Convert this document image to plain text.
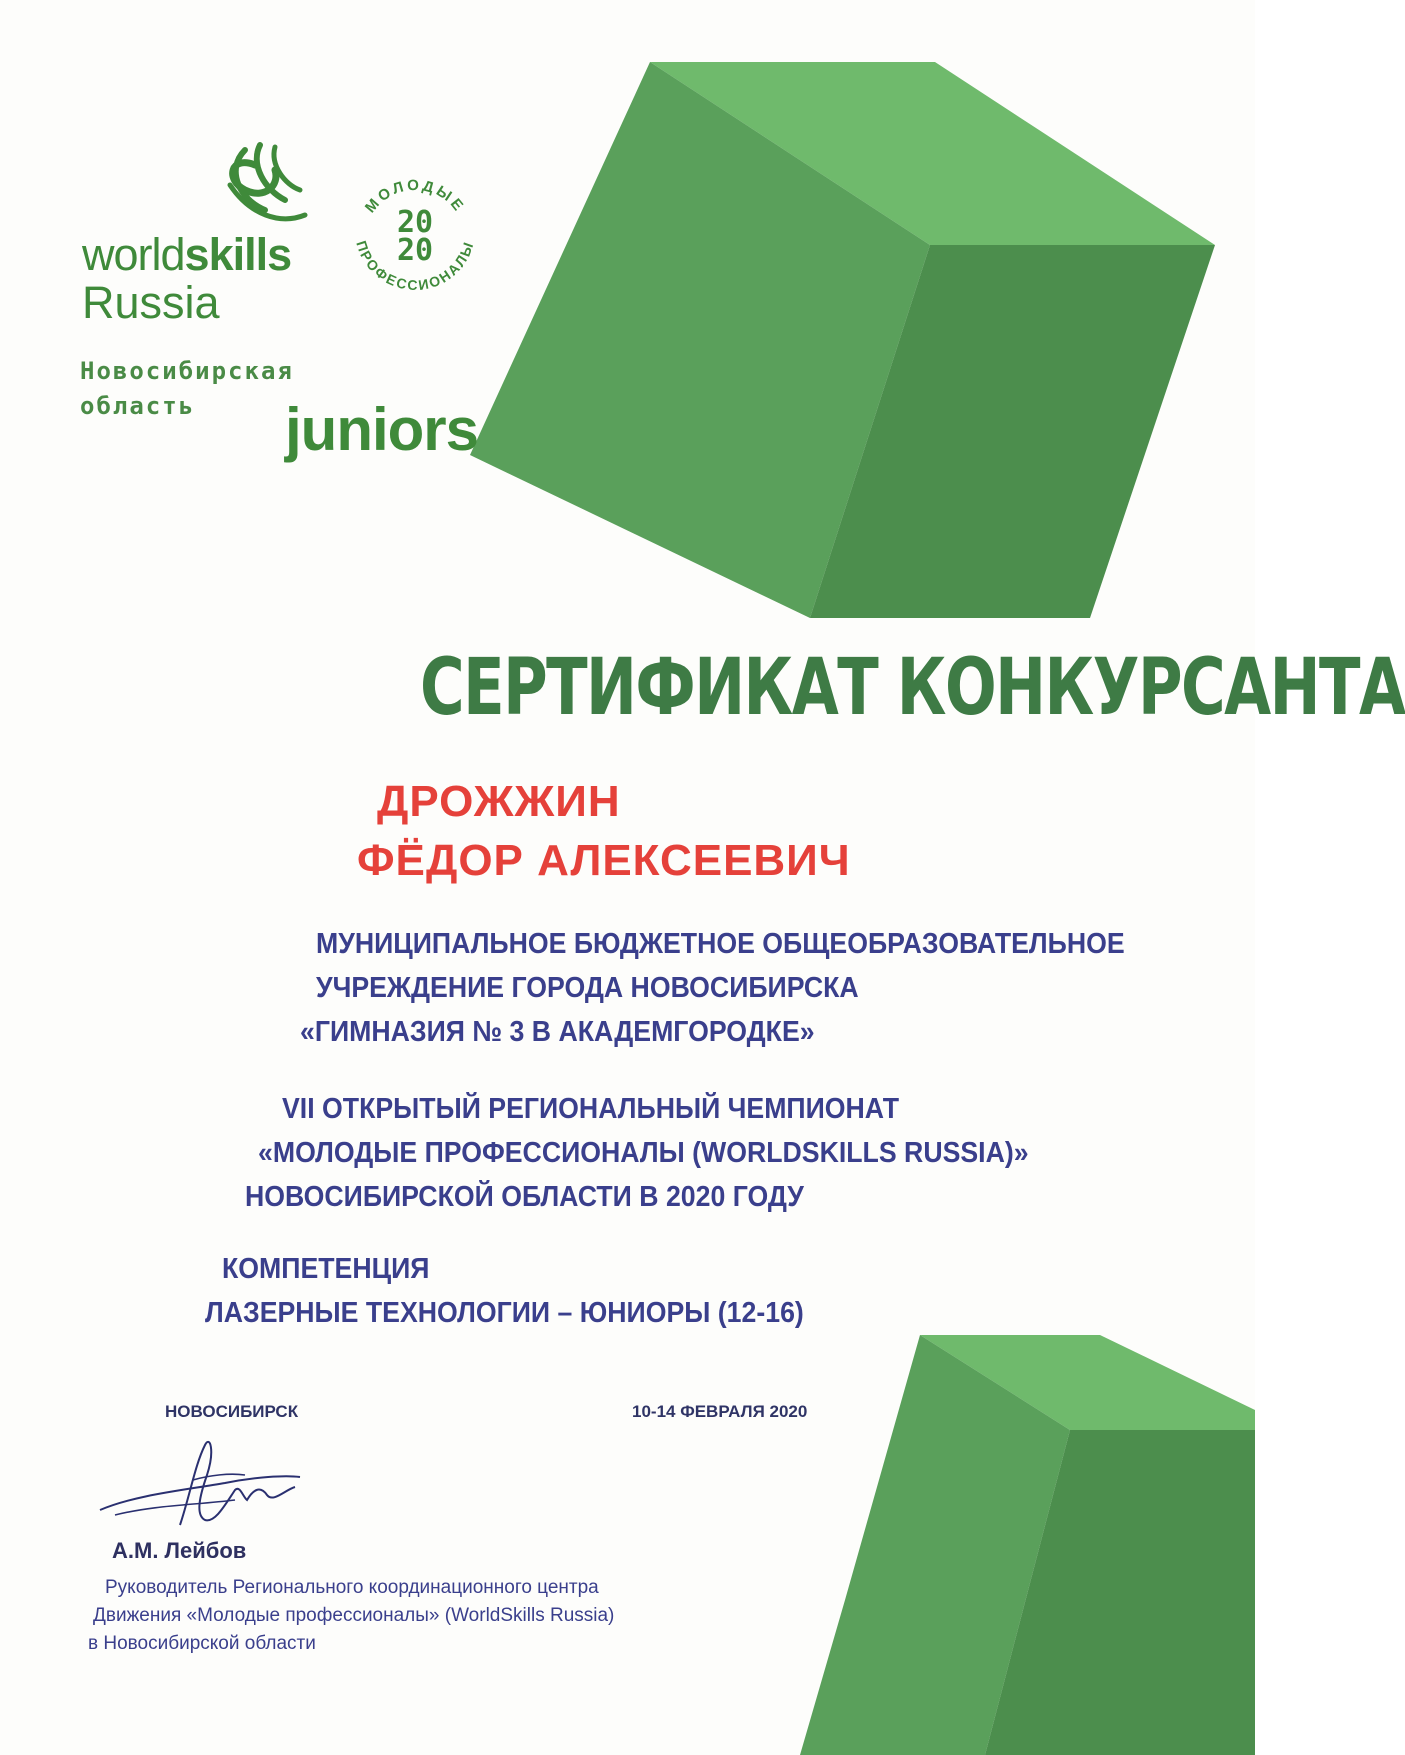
worldskills
Russia
Новосибирская
область juniors
МОЛОДЫЕ
ПРОФЕССИОНАЛЫ
20
20
СЕРТИФИКАТ КОНКУРСАНТА
ДРОЖЖИН
ФЁДОР АЛЕКСЕЕВИЧ
МУНИЦИПАЛЬНОЕ БЮДЖЕТНОЕ ОБЩЕОБРАЗОВАТЕЛЬНОЕ
УЧРЕЖДЕНИЕ ГОРОДА НОВОСИБИРСКА
«ГИМНАЗИЯ № 3 В АКАДЕМГОРОДКЕ»
VII ОТКРЫТЫЙ РЕГИОНАЛЬНЫЙ ЧЕМПИОНАТ
«МОЛОДЫЕ ПРОФЕССИОНАЛЫ (WORLDSKILLS RUSSIA)»
НОВОСИБИРСКОЙ ОБЛАСТИ В 2020 ГОДУ
КОМПЕТЕНЦИЯ
ЛАЗЕРНЫЕ ТЕХНОЛОГИИ – ЮНИОРЫ (12-16)
НОВОСИБИРСК	10-14 ФЕВРАЛЯ 2020
А.М. Лейбов
Руководитель Регионального координационного центра
Движения «Молодые профессионалы» (WorldSkills Russia)
в Новосибирской области
